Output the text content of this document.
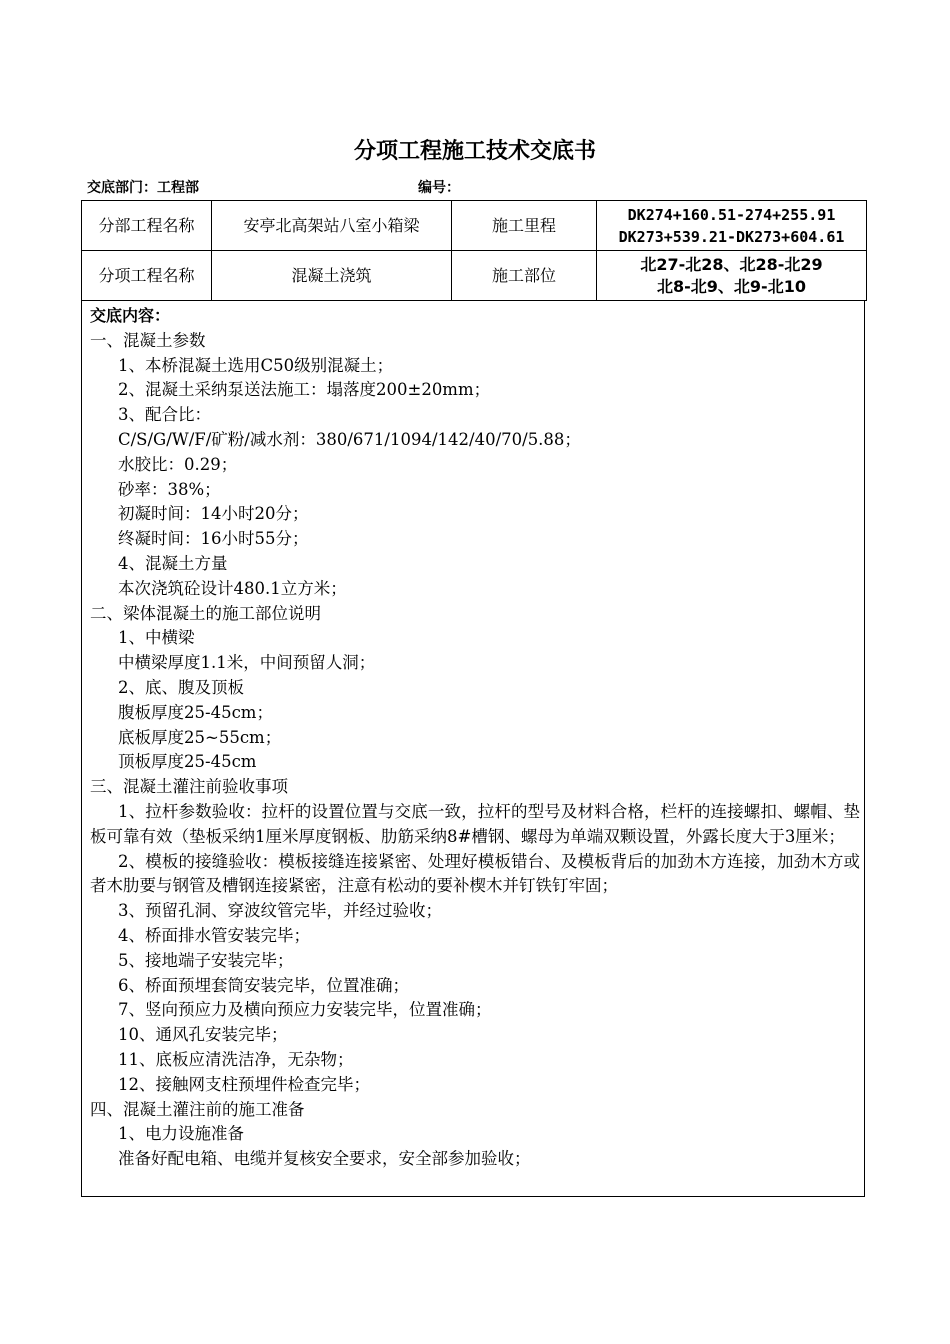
分项工程施工技术交底书
交底部门：工程部	编号：
分部工程名称	安亭北高架站八室小箱梁	施工里程	DK274+160.51-274+255.91
DK273+539.21-DK273+604.61

分项工程名称	混凝土浇筑	施工部位	北27-北28、北28-北29
北8-北9、北9-北10
交底内容：
一、混凝土参数
1、本桥混凝土选用C50级别混凝土；
2、混凝土采纳泵送法施工：塌落度200±20mm；
3、配合比：
C/S/G/W/F/矿粉/减水剂：380/671/1094/142/40/70/5.88；
水胶比：0.29；
砂率：38%；
初凝时间：14小时20分；
终凝时间：16小时55分；
4、混凝土方量
本次浇筑砼设计480.1立方米；
二、梁体混凝土的施工部位说明
1、中横梁
中横梁厚度1.1米，中间预留人洞；
2、底、腹及顶板
腹板厚度25-45cm；
底板厚度25~55cm；
顶板厚度25-45cm
三、混凝土灌注前验收事项
1、拉杆参数验收：拉杆的设置位置与交底一致，拉杆的型号及材料合格，栏杆的连接螺扣、螺帽、垫板可靠有效（垫板采纳1厘米厚度钢板、肋筋采纳8#槽钢、螺母为单端双颗设置，外露长度大于3厘米；
2、模板的接缝验收：模板接缝连接紧密、处理好模板错台、及模板背后的加劲木方连接，加劲木方或者木肋要与钢管及槽钢连接紧密，注意有松动的要补楔木并钉铁钉牢固；
3、预留孔洞、穿波纹管完毕，并经过验收；
4、桥面排水管安装完毕；
5、接地端子安装完毕；
6、桥面预埋套筒安装完毕，位置准确；
7、竖向预应力及横向预应力安装完毕，位置准确；
10、通风孔安装完毕；
11、底板应清洗洁净，无杂物；
12、接触网支柱预埋件检查完毕；
四、混凝土灌注前的施工准备
1、电力设施准备
准备好配电箱、电缆并复核安全要求，安全部参加验收；
